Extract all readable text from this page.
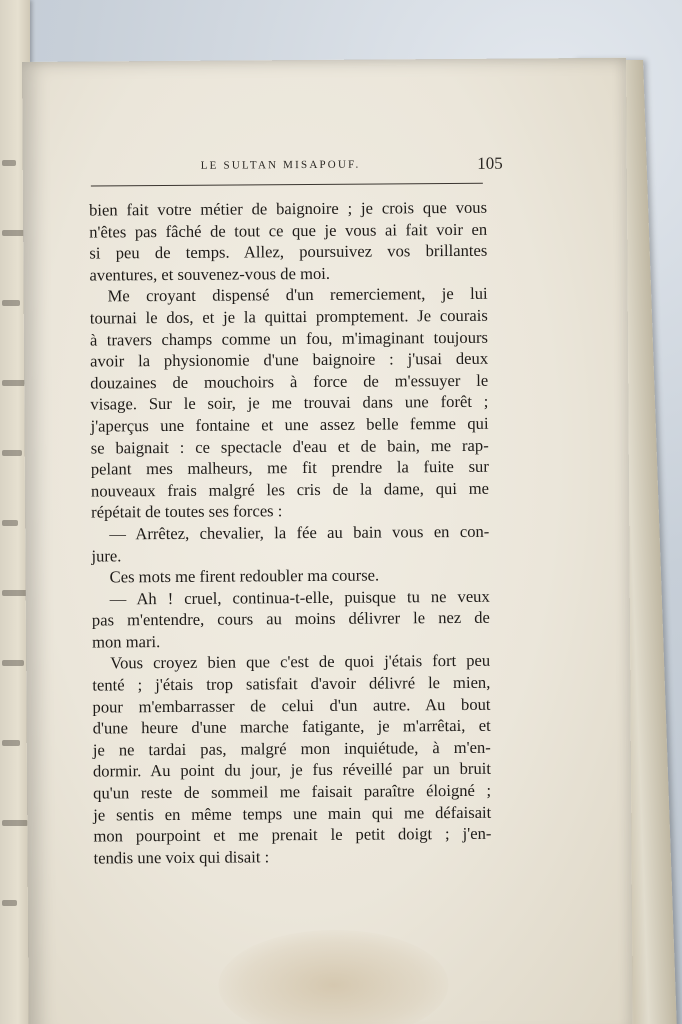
LE SULTAN MISAPOUF.	105
bien fait votre métier de baignoire ; je crois que vous
n'êtes pas fâché de tout ce que je vous ai fait voir en
si peu de temps. Allez, poursuivez vos brillantes
aventures, et souvenez-vous de moi.
Me croyant dispensé d'un remerciement, je lui
tournai le dos, et je la quittai promptement. Je courais
à travers champs comme un fou, m'imaginant toujours
avoir la physionomie d'une baignoire : j'usai deux
douzaines de mouchoirs à force de m'essuyer le
visage. Sur le soir, je me trouvai dans une forêt ;
j'aperçus une fontaine et une assez belle femme qui
se baignait : ce spectacle d'eau et de bain, me rap-
pelant mes malheurs, me fit prendre la fuite sur
nouveaux frais malgré les cris de la dame, qui me
répétait de toutes ses forces :
— Arrêtez, chevalier, la fée au bain vous en con-
jure.
Ces mots me firent redoubler ma course.
— Ah ! cruel, continua-t-elle, puisque tu ne veux
pas m'entendre, cours au moins délivrer le nez de
mon mari.
Vous croyez bien que c'est de quoi j'étais fort peu
tenté ; j'étais trop satisfait d'avoir délivré le mien,
pour m'embarrasser de celui d'un autre. Au bout
d'une heure d'une marche fatigante, je m'arrêtai, et
je ne tardai pas, malgré mon inquiétude, à m'en-
dormir. Au point du jour, je fus réveillé par un bruit
qu'un reste de sommeil me faisait paraître éloigné ;
je sentis en même temps une main qui me défaisait
mon pourpoint et me prenait le petit doigt ; j'en-
tendis une voix qui disait :
